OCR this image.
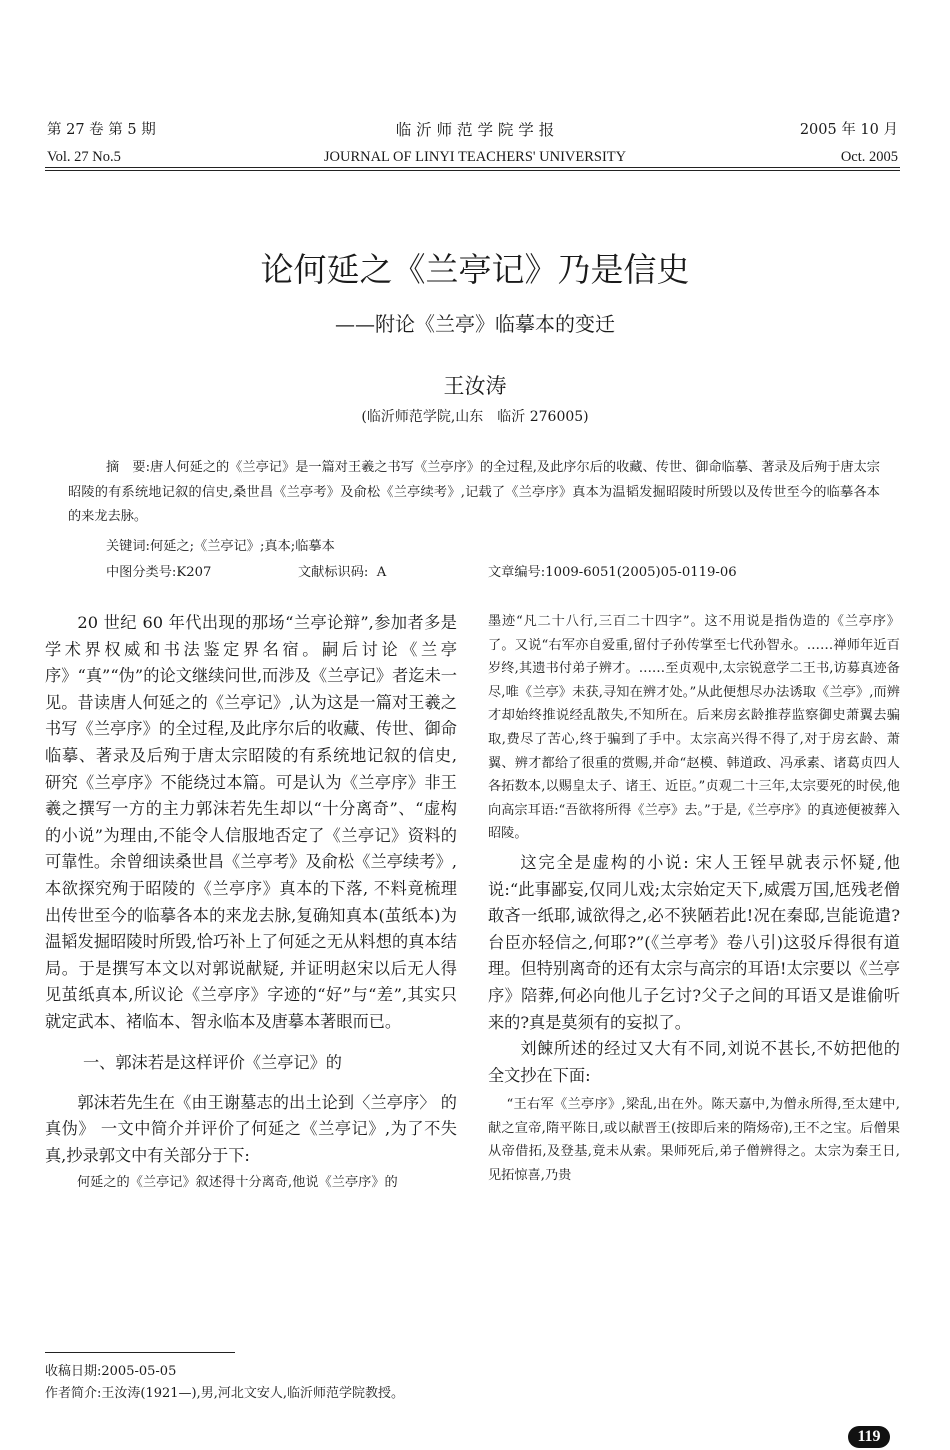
第 27 卷 第 5 期	临 沂 师 范 学 院 学 报	2005 年 10 月
Vol. 27 No.5	JOURNAL OF LINYI TEACHERS' UNIVERSITY	Oct. 2005
论何延之《兰亭记》乃是信史
——附论《兰亭》临摹本的变迁
王汝涛
(临沂师范学院,山东　临沂 276005)

摘　要:唐人何延之的《兰亭记》是一篇对王羲之书写《兰亭序》的全过程,及此序尔后的收藏、传世、御命临摹、著录及后殉于唐太宗昭陵的有系统地记叙的信史,桑世昌《兰亭考》及俞松《兰亭续考》,记载了《兰亭序》真本为温韬发掘昭陵时所毁以及传世至今的临摹各本的来龙去脉。

关键词:何延之;《兰亭记》;真本;临摹本
中图分类号:K207	文献标识码: A	文章编号:1009-6051(2005)05-0119-06

20 世纪 60 年代出现的那场“兰亭论辩”,参加者多是学术界权威和书法鉴定界名宿。嗣后讨论《兰亭序》“真”“伪”的论文继续问世,而涉及《兰亭记》者迄未一见。昔读唐人何延之的《兰亭记》,认为这是一篇对王羲之书写《兰亭序》的全过程,及此序尔后的收藏、传世、御命临摹、著录及后殉于唐太宗昭陵的有系统地记叙的信史, 研究《兰亭序》不能绕过本篇。可是认为《兰亭序》非王羲之撰写一方的主力郭沫若先生却以“十分离奇”、“虚构的小说”为理由,不能令人信服地否定了《兰亭记》资料的可靠性。余曾细读桑世昌《兰亭考》及俞松《兰亭续考》,本欲探究殉于昭陵的《兰亭序》真本的下落, 不料竟梳理出传世至今的临摹各本的来龙去脉,复确知真本(茧纸本)为温韬发掘昭陵时所毁,恰巧补上了何延之无从料想的真本结局。于是撰写本文以对郭说献疑, 并证明赵宋以后无人得见茧纸真本,所议论《兰亭序》字迹的“好”与“差”,其实只就定武本、褚临本、智永临本及唐摹本著眼而已。

一、郭沫若是这样评价《兰亭记》的

郭沫若先生在《由王谢墓志的出土论到〈兰亭序〉 的真伪》 一文中简介并评价了何延之《兰亭记》,为了不失真,抄录郭文中有关部分于下:

何延之的《兰亭记》叙述得十分离奇,他说《兰亭序》的

墨迹“凡二十八行,三百二十四字”。这不用说是指伪造的《兰亭序》了。又说“右军亦自爱重,留付子孙传掌至七代孙智永。……禅师年近百岁终,其遗书付弟子辨才。……至贞观中,太宗锐意学二王书,访募真迹备尽,唯《兰亭》未获,寻知在辨才处。”从此便想尽办法诱取《兰亭》,而辨才却始终推说经乱散失,不知所在。后来房玄龄推荐监察御史萧翼去骗取,费尽了苦心,终于骗到了手中。太宗高兴得不得了,对于房玄龄、萧翼、辨才都给了很重的赏赐,并命“赵模、韩道政、冯承素、诸葛贞四人各拓数本,以赐皇太子、诸王、近臣。”贞观二十三年,太宗要死的时侯,他向高宗耳语:“吾欲将所得《兰亭》去。”于是,《兰亭序》的真迹便被葬入昭陵。

这完全是虚构的小说: 宋人王铚早就表示怀疑,他说:“此事鄙妄,仅同儿戏;太宗始定天下,威震万国,尪残老僧敢吝一纸耶,诚欲得之,必不狭陋若此!况在秦邸,岂能诡遣?台臣亦轻信之,何耶?”(《兰亭考》卷八引)这驳斥得很有道理。但特别离奇的还有太宗与高宗的耳语!太宗要以《兰亭序》陪葬,何必向他儿子乞讨?父子之间的耳语又是谁偷听来的?真是莫须有的妄拟了。

刘餗所述的经过又大有不同,刘说不甚长,不妨把他的全文抄在下面:

“王右军《兰亭序》,梁乱,出在外。陈天嘉中,为僧永所得,至太建中,献之宣帝,隋平陈日,或以献晋王(按即后来的隋炀帝),王不之宝。后僧果从帝借拓,及登基,竟未从索。果师死后,弟子僧辨得之。太宗为秦王日,见拓惊喜,乃贵

收稿日期:2005-05-05
作者简介:王汝涛(1921—),男,河北文安人,临沂师范学院教授。
119
